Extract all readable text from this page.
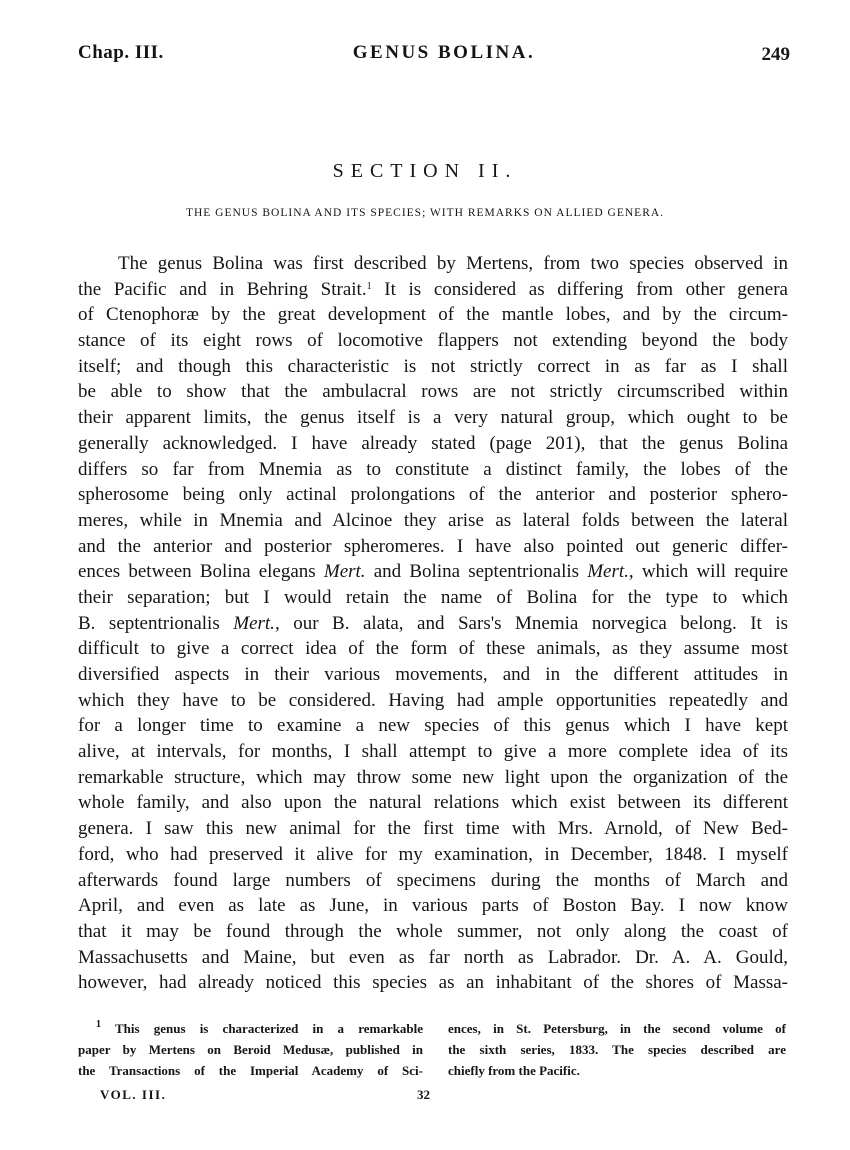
Chap. III.	GENUS BOLINA.	249
SECTION II.
THE GENUS BOLINA AND ITS SPECIES; WITH REMARKS ON ALLIED GENERA.
The genus Bolina was first described by Mertens, from two species observed in
the Pacific and in Behring Strait.$^1$ It is considered as differing from other genera
of Ctenophoræ by the great development of the mantle lobes, and by the circum-
stance of its eight rows of locomotive flappers not extending beyond the body
itself; and though this characteristic is not strictly correct in as far as I shall
be able to show that the ambulacral rows are not strictly circumscribed within
their apparent limits, the genus itself is a very natural group, which ought to be
generally acknowledged. I have already stated (page 201), that the genus Bolina
differs so far from Mnemia as to constitute a distinct family, the lobes of the
spherosome being only actinal prolongations of the anterior and posterior sphero-
meres, while in Mnemia and Alcinoe they arise as lateral folds between the lateral
and the anterior and posterior spheromeres. I have also pointed out generic differ-
ences between Bolina elegans Mert. and Bolina septentrionalis Mert., which will require
their separation; but I would retain the name of Bolina for the type to which
B. septentrionalis Mert., our B. alata, and Sars's Mnemia norvegica belong. It is
difficult to give a correct idea of the form of these animals, as they assume most
diversified aspects in their various movements, and in the different attitudes in
which they have to be considered. Having had ample opportunities repeatedly and
for a longer time to examine a new species of this genus which I have kept
alive, at intervals, for months, I shall attempt to give a more complete idea of its
remarkable structure, which may throw some new light upon the organization of the
whole family, and also upon the natural relations which exist between its different
genera. I saw this new animal for the first time with Mrs. Arnold, of New Bed-
ford, who had preserved it alive for my examination, in December, 1848. I myself
afterwards found large numbers of specimens during the months of March and
April, and even as late as June, in various parts of Boston Bay. I now know
that it may be found through the whole summer, not only along the coast of
Massachusetts and Maine, but even as far north as Labrador. Dr. A. A. Gould,
however, had already noticed this species as an inhabitant of the shores of Massa-
$^1$ This genus is characterized in a remarkable
paper by Mertens on Beroid Medusæ, published in
the Transactions of the Imperial Academy of Sci-
ences, in St. Petersburg, in the second volume of
the sixth series, 1833. The species described are
chiefly from the Pacific.
VOL. III.	32
